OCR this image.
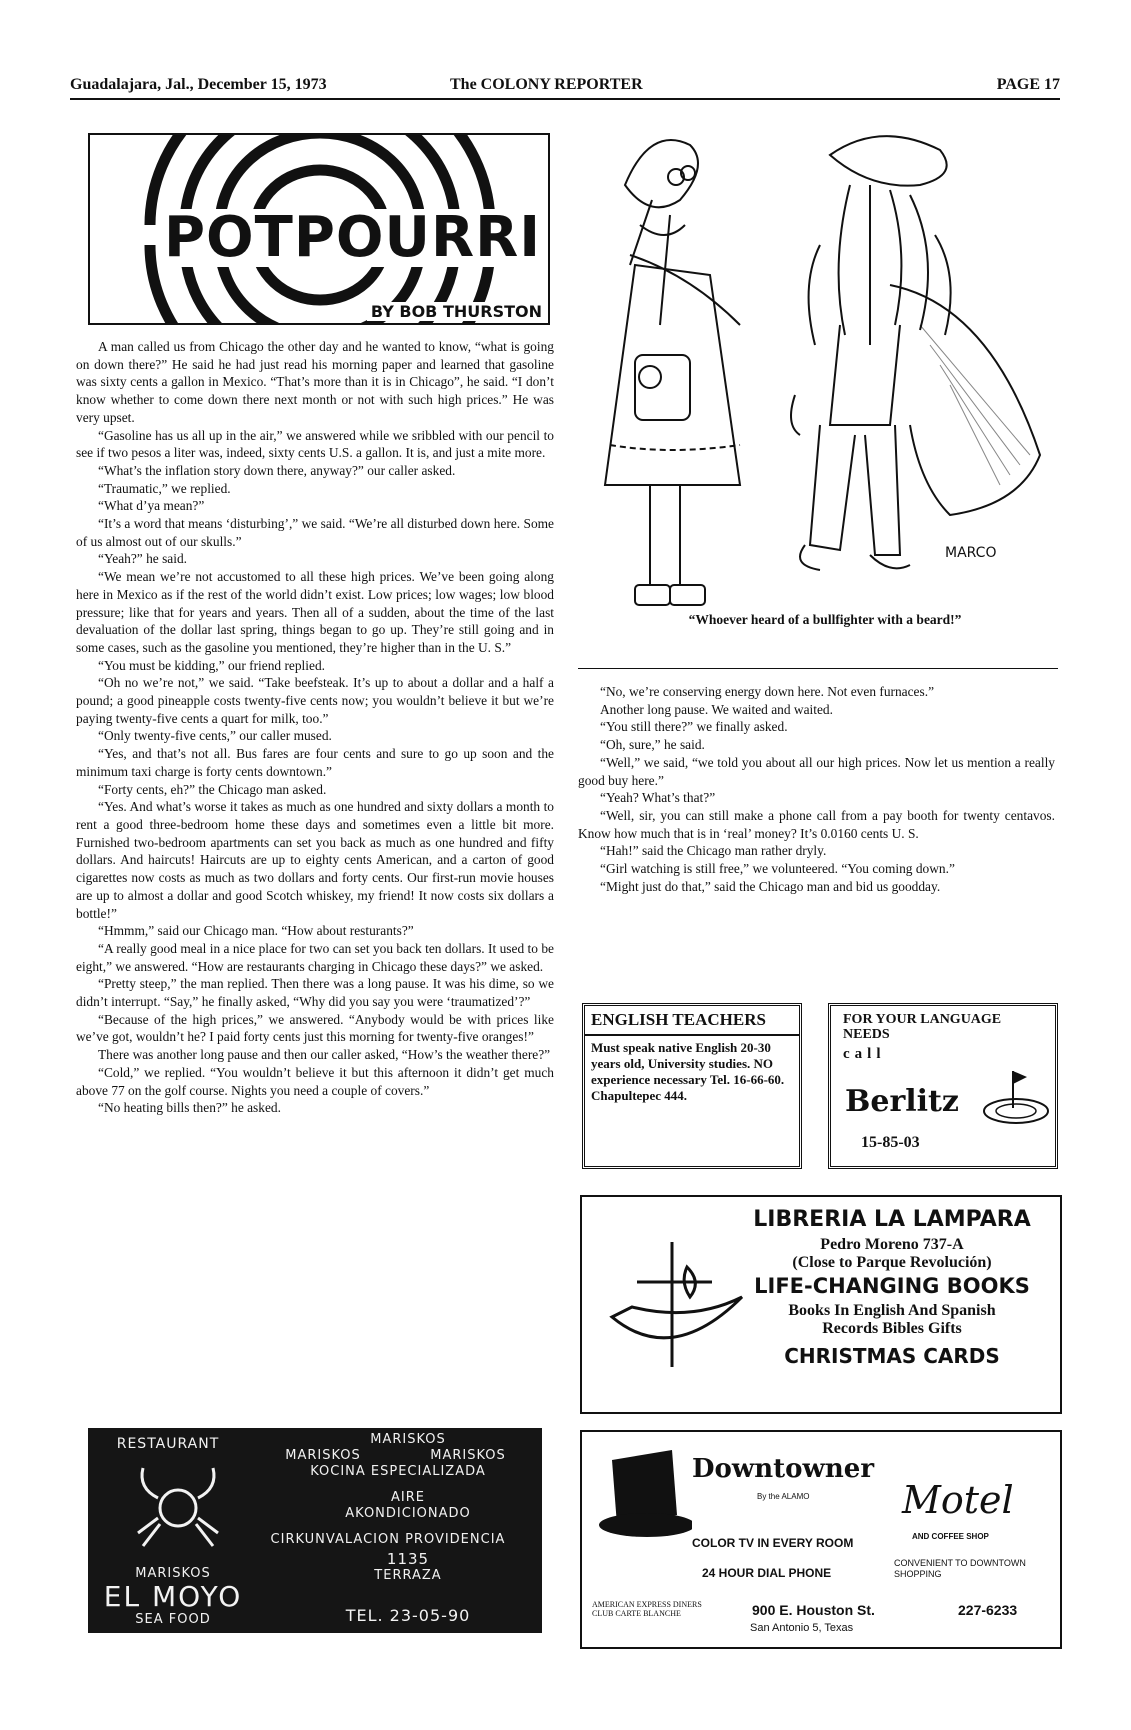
Guadalajara, Jal., December 15, 1973	The COLONY REPORTER	PAGE 17
POTPOURRI
BY BOB THURSTON

A man called us from Chicago the other day and he wanted to know, “what is going on down there?” He said he had just read his morning paper and learned that gasoline was sixty cents a gallon in Mexico. “That’s more than it is in Chicago”, he said. “I don’t know whether to come down there next month or not with such high prices.” He was very upset.

“Gasoline has us all up in the air,” we answered while we sribbled with our pencil to see if two pesos a liter was, indeed, sixty cents U.S. a gallon. It is, and just a mite more.

“What’s the inflation story down there, anyway?” our caller asked.

“Traumatic,” we replied.

“What d’ya mean?”

“It’s a word that means ‘disturbing’,” we said. “We’re all disturbed down here. Some of us almost out of our skulls.”

“Yeah?” he said.

“We mean we’re not accustomed to all these high prices. We’ve been going along here in Mexico as if the rest of the world didn’t exist. Low prices; low wages; low blood pressure; like that for years and years. Then all of a sudden, about the time of the last devaluation of the dollar last spring, things began to go up. They’re still going and in some cases, such as the gasoline you mentioned, they’re higher than in the U. S.”

“You must be kidding,” our friend replied.

“Oh no we’re not,” we said. “Take beefsteak. It’s up to about a dollar and a half a pound; a good pineapple costs twenty-five cents now; you wouldn’t believe it but we’re paying twenty-five cents a quart for milk, too.”

“Only twenty-five cents,” our caller mused.

“Yes, and that’s not all. Bus fares are four cents and sure to go up soon and the minimum taxi charge is forty cents downtown.”

“Forty cents, eh?” the Chicago man asked.

“Yes. And what’s worse it takes as much as one hundred and sixty dollars a month to rent a good three-bedroom home these days and sometimes even a little bit more. Furnished two-bedroom apartments can set you back as much as one hundred and fifty dollars. And haircuts! Haircuts are up to eighty cents American, and a carton of good cigarettes now costs as much as two dollars and forty cents. Our first-run movie houses are up to almost a dollar and good Scotch whiskey, my friend! It now costs six dollars a bottle!”

“Hmmm,” said our Chicago man. “How about resturants?”

“A really good meal in a nice place for two can set you back ten dollars. It used to be eight,” we answered. “How are restaurants charging in Chicago these days?” we asked.

“Pretty steep,” the man replied. Then there was a long pause. It was his dime, so we didn’t interrupt. “Say,” he finally asked, “Why did you say you were ‘traumatized’?”

“Because of the high prices,” we answered. “Anybody would be with prices like we’ve got, wouldn’t he? I paid forty cents just this morning for twenty-five oranges!”

There was another long pause and then our caller asked, “How’s the weather there?”

“Cold,” we replied. “You wouldn’t believe it but this afternoon it didn’t get much above 77 on the golf course. Nights you need a couple of covers.”

“No heating bills then?” he asked.

MARCO
“Whoever heard of a bullfighter with a beard!”

“No, we’re conserving energy down here. Not even furnaces.”

Another long pause. We waited and waited.

“You still there?” we finally asked.

“Oh, sure,” he said.

“Well,” we said, “we told you about all our high prices. Now let us mention a really good buy here.”

“Yeah? What’s that?”

“Well, sir, you can still make a phone call from a pay booth for twenty centavos. Know how much that is in ‘real’ money? It’s 0.0160 cents U. S.

“Hah!” said the Chicago man rather dryly.

“Girl watching is still free,” we volunteered. “You coming down.”

“Might just do that,” said the Chicago man and bid us goodday.

ENGLISH TEACHERS
Must speak native English 20-30 years old, University studies. NO experience necessary Tel. 16-66-60. Chapultepec 444.
FOR YOUR LANGUAGE NEEDS
call
Berlitz
15-85-03
LIBRERIA LA LAMPARA
Pedro Moreno 737-A
(Close to Parque Revolución)
LIFE-CHANGING BOOKS
Books In English And Spanish
Records Bibles Gifts
CHRISTMAS CARDS
RESTAURANT	MARISKOS
MARISKOS	MARISKOS
KOCINA ESPECIALIZADA
AIRE
AKONDICIONADO
CIRKUNVALACION PROVIDENCIA
1135
TERRAZA
MARISKOS
EL MOYO
SEA FOOD	TEL. 23-05-90
Downtowner
Motel
By the ALAMO
AND COFFEE SHOP
COLOR TV IN EVERY ROOM
24 HOUR DIAL PHONE
CONVENIENT TO DOWNTOWN SHOPPING
AMERICAN EXPRESS DINERS CLUB CARTE BLANCHE	900 E. Houston St.
San Antonio 5, Texas
227-6233
